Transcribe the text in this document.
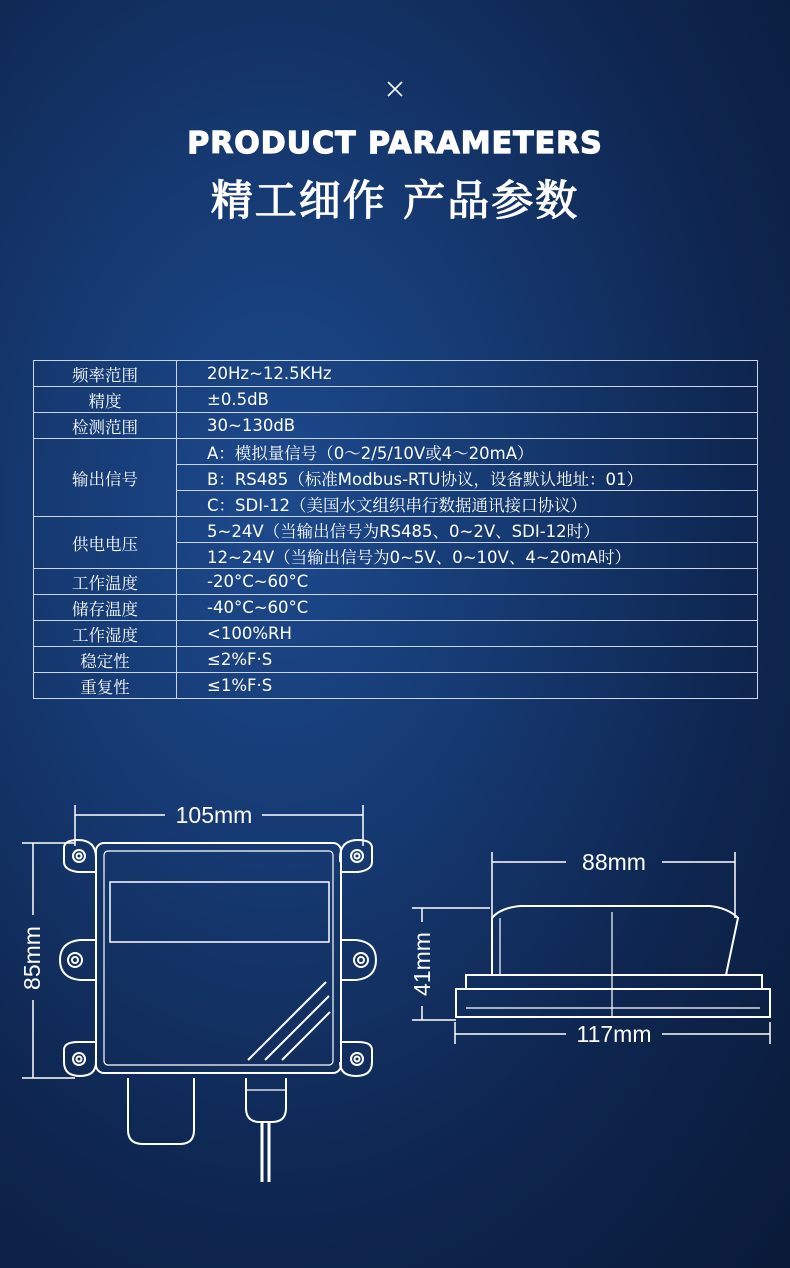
PRODUCT PARAMETERS
精工细作 产品参数
频率范围	20Hz~12.5KHz
精度	±0.5dB
检测范围	30~130dB
输出信号	A：模拟量信号（0～2/5/10V或4～20mA）
	B：RS485（标准Modbus-RTU协议，设备默认地址：01）
	C：SDI-12（美国水文组织串行数据通讯接口协议）
供电电压	5~24V（当输出信号为RS485、0~2V、SDI-12时）
	12~24V（当输出信号为0~5V、0~10V、4~20mA时）
工作温度	-20°C~60°C
储存温度	-40°C~60°C
工作湿度	<100%RH
稳定性	≤2%F·S
重复性	≤1%F·S
105mm
85mm
88mm
117mm
41mm
